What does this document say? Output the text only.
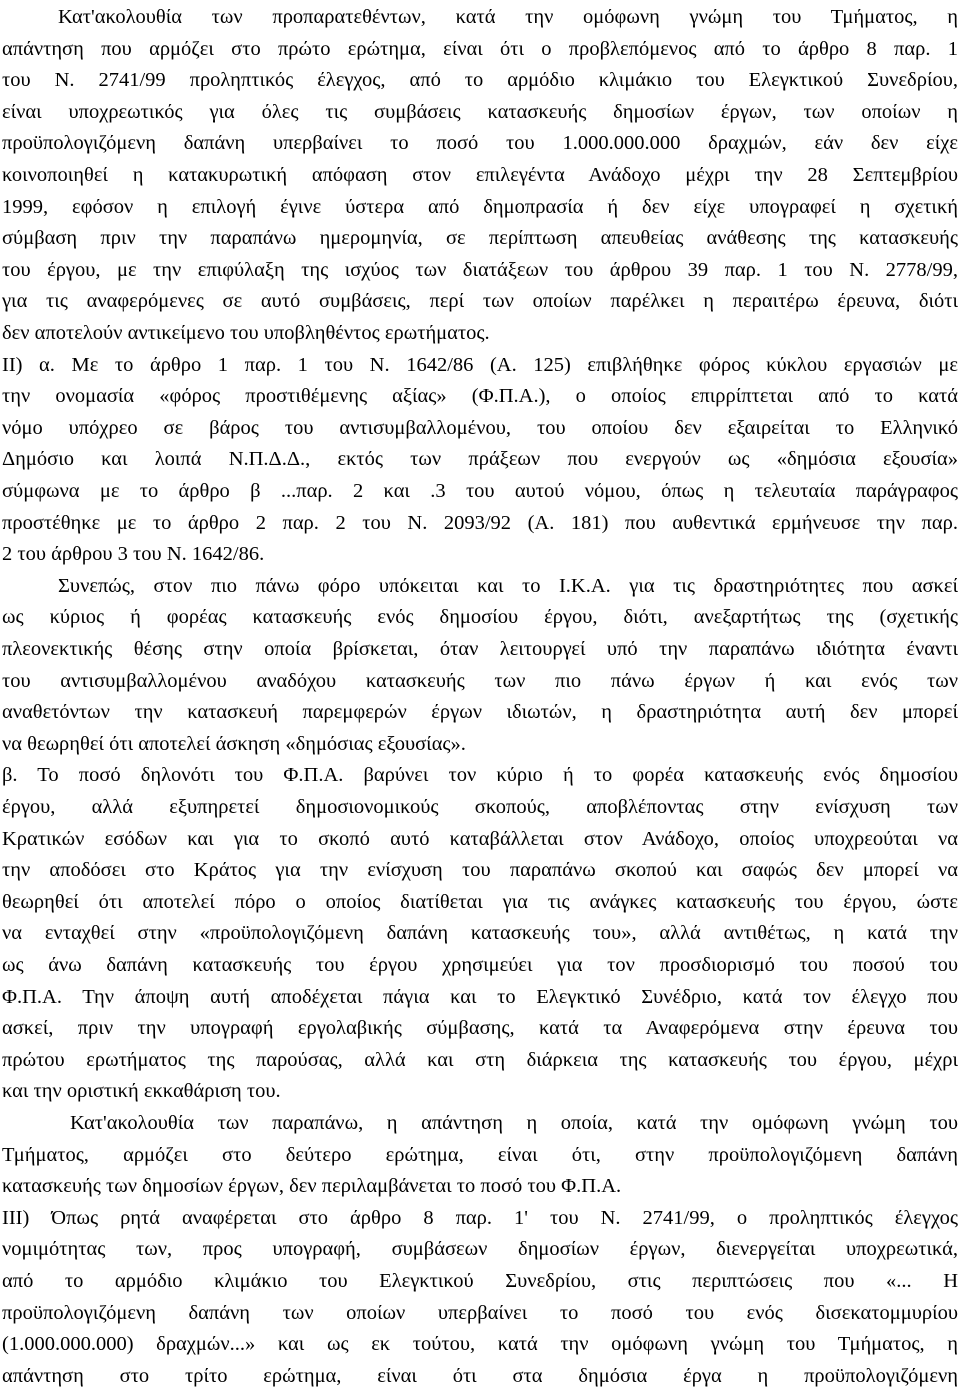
Κατ'ακολουθία των προπαρατεθέντων, κατά την ομόφωνη γνώμη του Τμήματος, η
απάντηση που αρμόζει στο πρώτο ερώτημα, είναι ότι ο προβλεπόμενος από το άρθρο 8 παρ. 1
του Ν. 2741/99 προληπτικός έλεγχος, από το αρμόδιο κλιμάκιο του Ελεγκτικού Συνεδρίου,
είναι υποχρεωτικός για όλες τις συμβάσεις κατασκευής δημοσίων έργων, των οποίων η
προϋπολογιζόμενη δαπάνη υπερβαίνει το ποσό του 1.000.000.000 δραχμών, εάν δεν είχε
κοινοποιηθεί η κατακυρωτική απόφαση στον επιλεγέντα Ανάδοχο μέχρι την 28 Σεπτεμβρίου
1999, εφόσον η επιλογή έγινε ύστερα από δημοπρασία ή δεν είχε υπογραφεί η σχετική
σύμβαση πριν την παραπάνω ημερομηνία, σε περίπτωση απευθείας ανάθεσης της κατασκευής
του έργου, με την επιφύλαξη της ισχύος των διατάξεων του άρθρου 39 παρ. 1 του Ν. 2778/99,
για τις αναφερόμενες σε αυτό συμβάσεις, περί των οποίων παρέλκει η περαιτέρω έρευνα, διότι
δεν αποτελούν αντικείμενο του υποβληθέντος ερωτήματος.
ΙΙ) α. Με το άρθρο 1 παρ. 1 του Ν. 1642/86 (Α. 125) επιβλήθηκε φόρος κύκλου εργασιών με
την ονομασία «φόρος προστιθέμενης αξίας» (Φ.Π.Α.), ο οποίος επιρρίπτεται από το κατά
νόμο υπόχρεο σε βάρος του αντισυμβαλλομένου, του οποίου δεν εξαιρείται το Ελληνικό
Δημόσιο και λοιπά Ν.Π.Δ.Δ., εκτός των πράξεων που ενεργούν ως «δημόσια εξουσία»
σύμφωνα με το άρθρο β ...παρ. 2 και .3 του αυτού νόμου, όπως η τελευταία παράγραφος
προστέθηκε με το άρθρο 2 παρ. 2 του Ν. 2093/92 (Α. 181) που αυθεντικά ερμήνευσε την παρ.
2 του άρθρου 3 του Ν. 1642/86.
Συνεπώς, στον πιο πάνω φόρο υπόκειται και το Ι.Κ.Α. για τις δραστηριότητες που ασκεί
ως κύριος ή φορέας κατασκευής ενός δημοσίου έργου, διότι, ανεξαρτήτως της (σχετικής
πλεονεκτικής θέσης στην οποία βρίσκεται, όταν λειτουργεί υπό την παραπάνω ιδιότητα έναντι
του αντισυμβαλλομένου αναδόχου κατασκευής των πιο πάνω έργων ή και ενός των
αναθετόντων την κατασκευή παρεμφερών έργων ιδιωτών, η δραστηριότητα αυτή δεν μπορεί
να θεωρηθεί ότι αποτελεί άσκηση «δημόσιας εξουσίας».
β. Το ποσό δηλονότι του Φ.Π.Α. βαρύνει τον κύριο ή το φορέα κατασκευής ενός δημοσίου
έργου, αλλά εξυπηρετεί δημοσιονομικούς σκοπούς, αποβλέποντας στην ενίσχυση των
Κρατικών εσόδων και για το σκοπό αυτό καταβάλλεται στον Ανάδοχο, οποίος υποχρεούται να
την αποδόσει στο Κράτος για την ενίσχυση του παραπάνω σκοπού και σαφώς δεν μπορεί να
θεωρηθεί ότι αποτελεί πόρο ο οποίος διατίθεται για τις ανάγκες κατασκευής του έργου, ώστε
να ενταχθεί στην «προϋπολογιζόμενη δαπάνη κατασκευής του», αλλά αντιθέτως, η κατά την
ως άνω δαπάνη κατασκευής του έργου χρησιμεύει για τον προσδιορισμό του ποσού του
Φ.Π.Α. Την άποψη αυτή αποδέχεται πάγια και το Ελεγκτικό Συνέδριο, κατά τον έλεγχο που
ασκεί, πριν την υπογραφή εργολαβικής σύμβασης, κατά τα Αναφερόμενα στην έρευνα του
πρώτου ερωτήματος της παρούσας, αλλά και στη διάρκεια της κατασκευής του έργου, μέχρι
και την οριστική εκκαθάριση του.
Κατ'ακολουθία των παραπάνω, η απάντηση η οποία, κατά την ομόφωνη γνώμη του
Τμήματος, αρμόζει στο δεύτερο ερώτημα, είναι ότι, στην προϋπολογιζόμενη δαπάνη
κατασκευής των δημοσίων έργων, δεν περιλαμβάνεται το ποσό του Φ.Π.Α.
ΙΙΙ) Όπως ρητά αναφέρεται στο άρθρο 8 παρ. 1' του Ν. 2741/99, ο προληπτικός έλεγχος
νομιμότητας των, προς υπογραφή, συμβάσεων δημοσίων έργων, διενεργείται υποχρεωτικά,
από το αρμόδιο κλιμάκιο του Ελεγκτικού Συνεδρίου, στις περιπτώσεις που «... Η
προϋπολογιζόμενη δαπάνη των οποίων υπερβαίνει το ποσό του ενός δισεκατομμυρίου
(1.000.000.000) δραχμών...» και ως εκ τούτου, κατά την ομόφωνη γνώμη του Τμήματος, η
απάντηση στο τρίτο ερώτημα, είναι ότι στα δημόσια έργα η προϋπολογιζόμενη
